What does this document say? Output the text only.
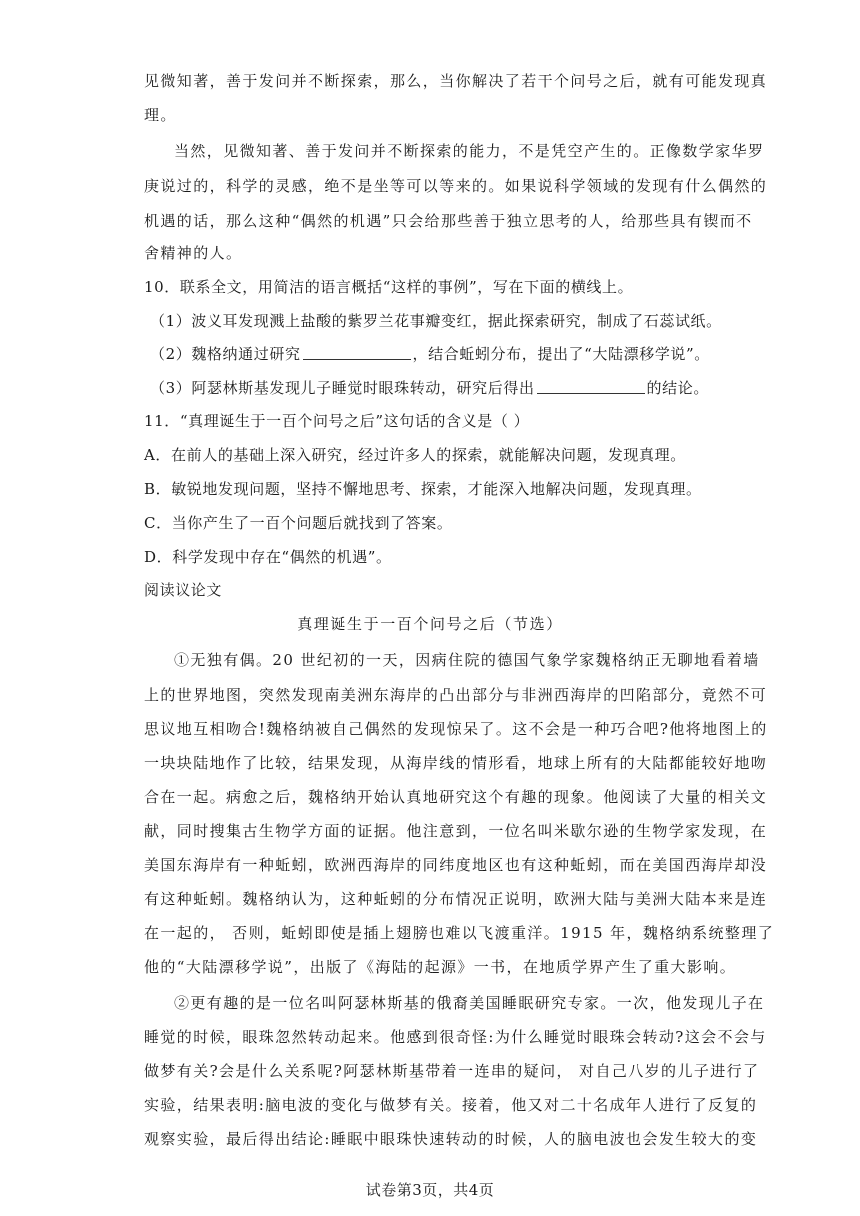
见微知著，善于发问并不断探索，那么，当你解决了若干个问号之后，就有可能发现真
理。
当然，见微知著、善于发问并不断探索的能力，不是凭空产生的。正像数学家华罗
庚说过的，科学的灵感，绝不是坐等可以等来的。如果说科学领域的发现有什么偶然的
机遇的话，那么这种“偶然的机遇”只会给那些善于独立思考的人，给那些具有锲而不
舍精神的人。
10．联系全文，用简洁的语言概括“这样的事例”，写在下面的横线上。
（1）波义耳发现溅上盐酸的紫罗兰花事瓣变红，据此探索研究，制成了石蕊试纸。
（2）魏格纳通过研究	，结合蚯蚓分布，提出了“大陆漂移学说”。
（3）阿瑟林斯基发现儿子睡觉时眼珠转动，研究后得出	的结论。
11．“真理诞生于一百个问号之后”这句话的含义是（ ）
A．在前人的基础上深入研究，经过许多人的探索，就能解决问题，发现真理。
B．敏锐地发现问题，坚持不懈地思考、探索，才能深入地解决问题，发现真理。
C．当你产生了一百个问题后就找到了答案。
D．科学发现中存在“偶然的机遇”。
阅读议论文
真理诞生于一百个问号之后（节选）
①无独有偶。20 世纪初的一天，因病住院的德国气象学家魏格纳正无聊地看着墙
上的世界地图，突然发现南美洲东海岸的凸出部分与非洲西海岸的凹陷部分，竟然不可
思议地互相吻合!魏格纳被自己偶然的发现惊呆了。这不会是一种巧合吧?他将地图上的
一块块陆地作了比较，结果发现，从海岸线的情形看，地球上所有的大陆都能较好地吻
合在一起。病愈之后，魏格纳开始认真地研究这个有趣的现象。他阅读了大量的相关文
献，同时搜集古生物学方面的证据。他注意到，一位名叫米歇尔逊的生物学家发现，在
美国东海岸有一种蚯蚓，欧洲西海岸的同纬度地区也有这种蚯蚓，而在美国西海岸却没
有这种蚯蚓。魏格纳认为，这种蚯蚓的分布情况正说明，欧洲大陆与美洲大陆本来是连
在一起的， 否则，蚯蚓即使是插上翅膀也难以飞渡重洋。1915 年，魏格纳系统整理了
他的“大陆漂移学说”，出版了《海陆的起源》一书，在地质学界产生了重大影响。
②更有趣的是一位名叫阿瑟林斯基的俄裔美国睡眠研究专家。一次，他发现儿子在
睡觉的时候，眼珠忽然转动起来。他感到很奇怪:为什么睡觉时眼珠会转动?这会不会与
做梦有关?会是什么关系呢?阿瑟林斯基带着一连串的疑问， 对自己八岁的儿子进行了
实验，结果表明:脑电波的变化与做梦有关。接着，他又对二十名成年人进行了反复的
观察实验，最后得出结论:睡眠中眼珠快速转动的时候，人的脑电波也会发生较大的变
试卷第3页，共4页
